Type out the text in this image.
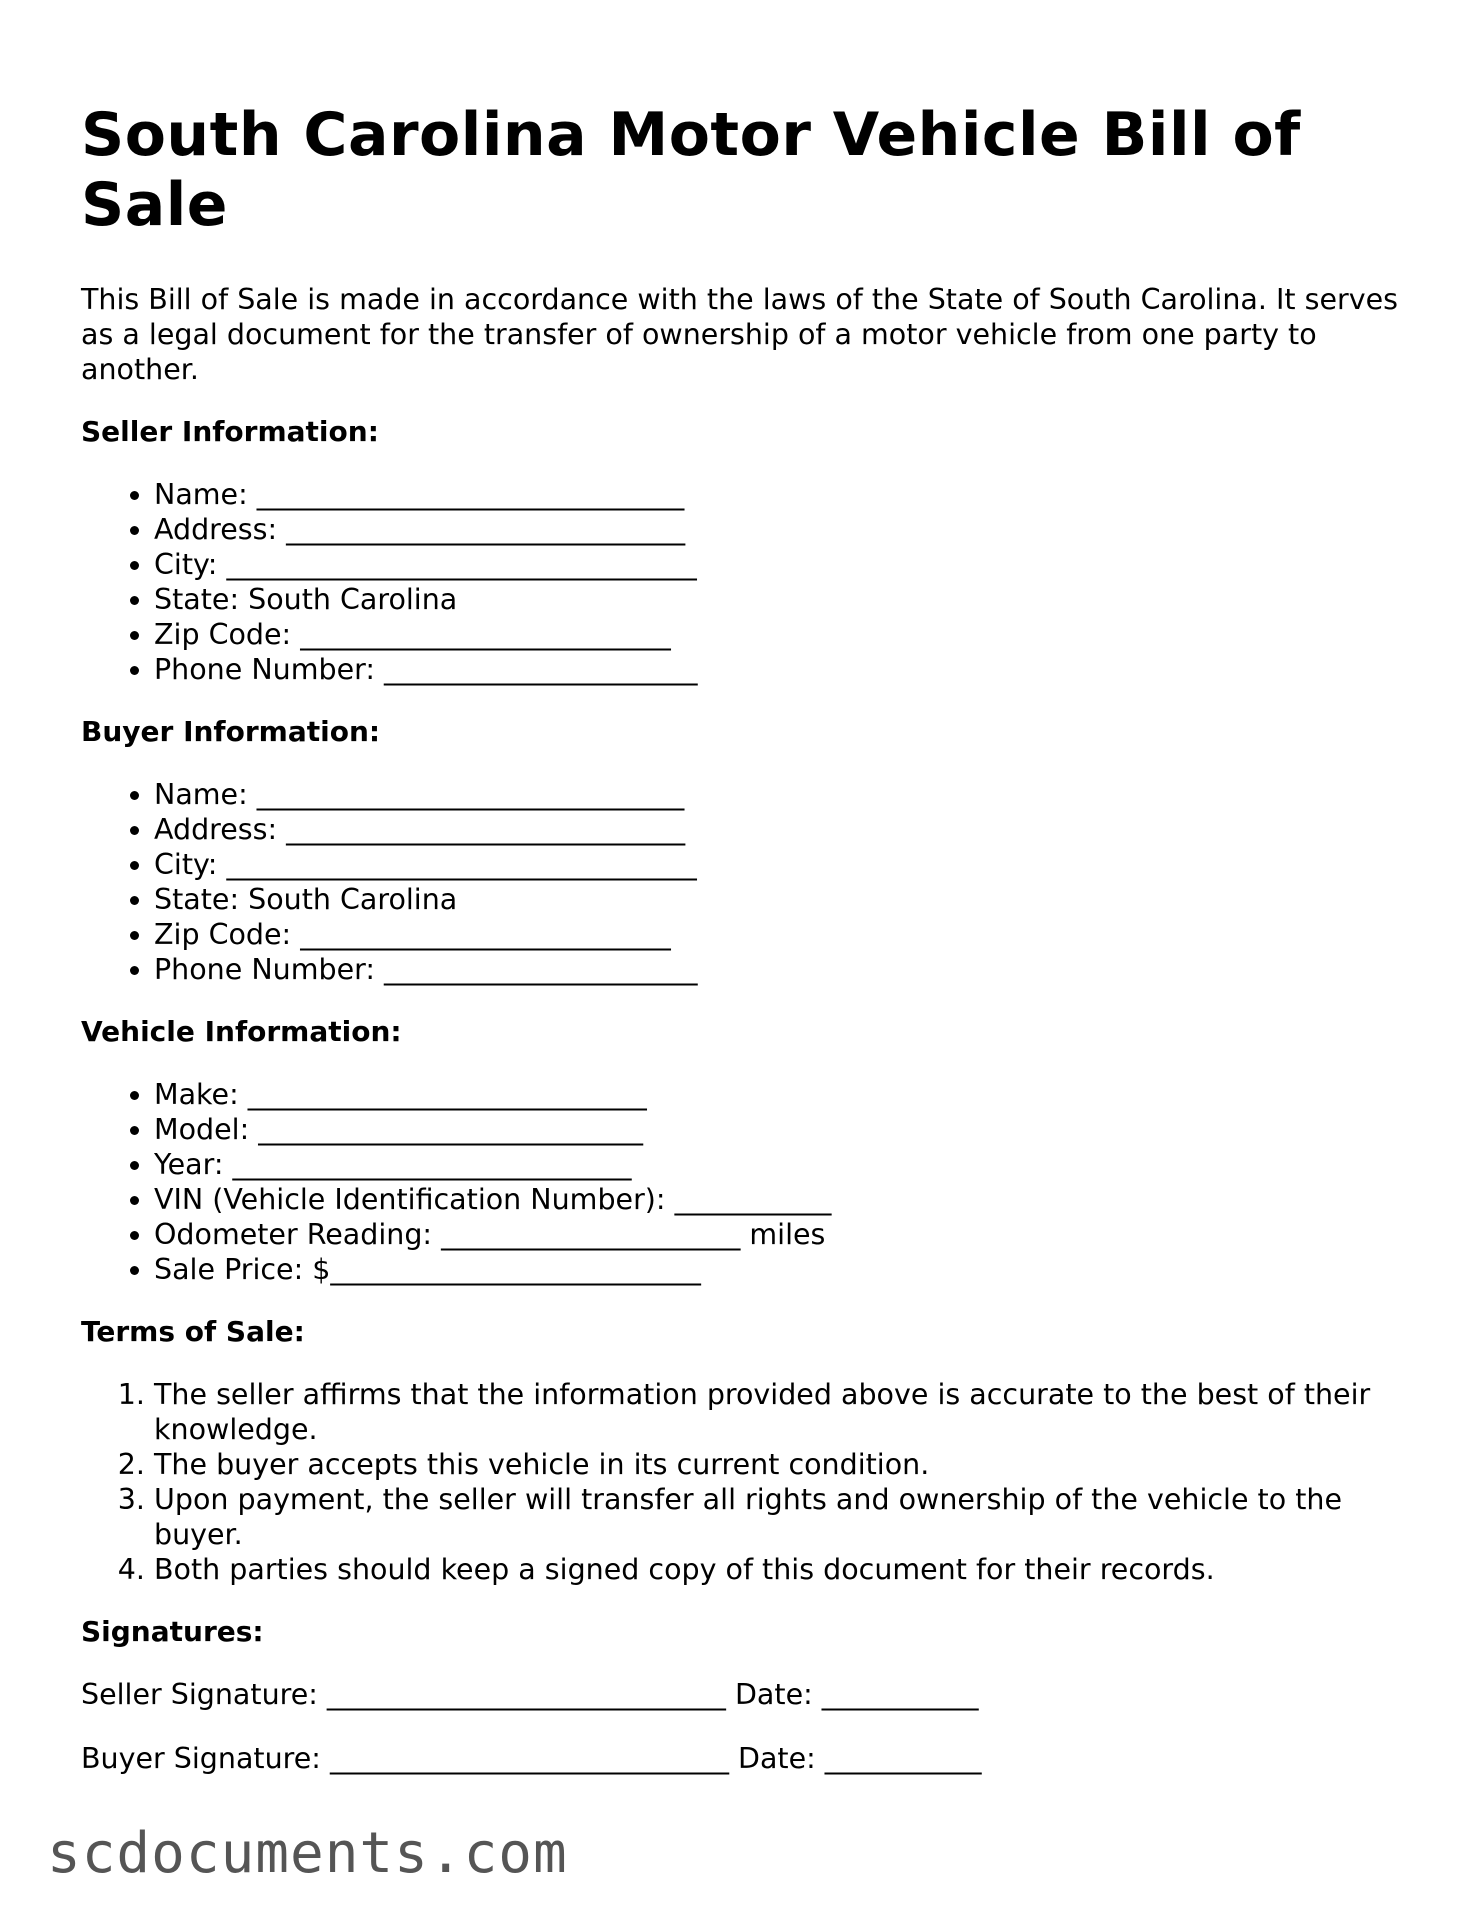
South Carolina Motor Vehicle Bill of Sale

This Bill of Sale is made in accordance with the laws of the State of South Carolina. It serves as a legal document for the transfer of ownership of a motor vehicle from one party to another.

Seller Information:
• Name: ______________________________
• Address: ____________________________
• City: _________________________________
• State: South Carolina
• Zip Code: __________________________
• Phone Number: ______________________
Buyer Information:
• Name: ______________________________
• Address: ____________________________
• City: _________________________________
• State: South Carolina
• Zip Code: __________________________
• Phone Number: ______________________
Vehicle Information:
• Make: ____________________________
• Model: ___________________________
• Year: ____________________________
• VIN (Vehicle Identification Number): ___________
• Odometer Reading: _____________________ miles
• Sale Price: $__________________________
Terms of Sale:
1. The seller affirms that the information provided above is accurate to the best of their knowledge.
2. The buyer accepts this vehicle in its current condition.
3. Upon payment, the seller will transfer all rights and ownership of the vehicle to the buyer.
4. Both parties should keep a signed copy of this document for their records.
Signatures:

Seller Signature: ____________________________ Date: ___________

Buyer Signature: ____________________________ Date: ___________

scdocuments.com
